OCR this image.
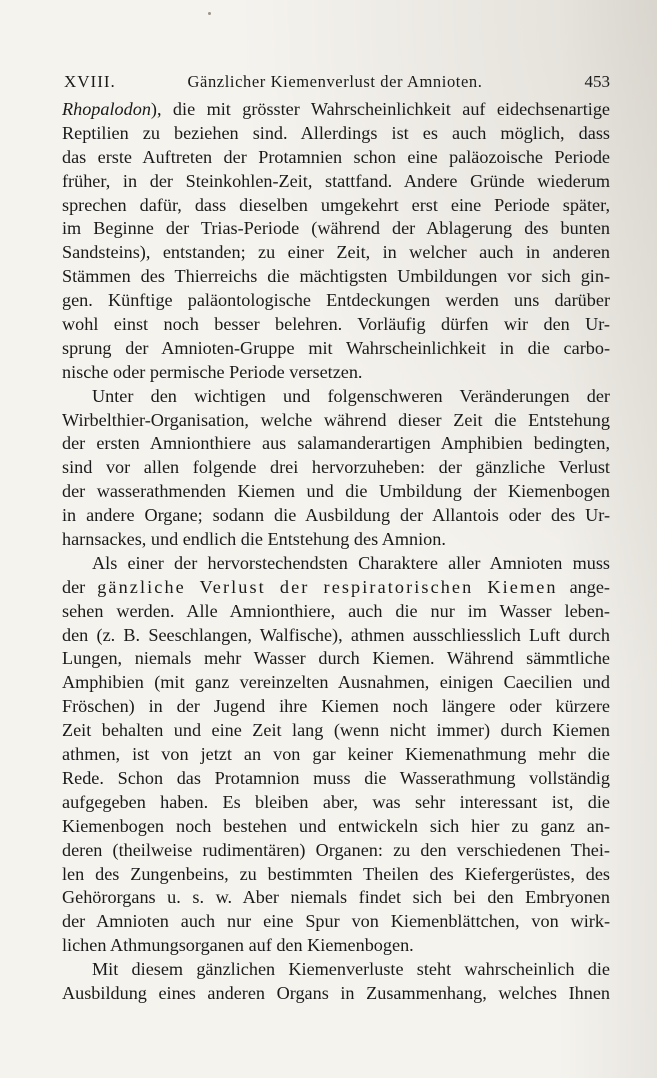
XVIII.	Gänzlicher Kiemenverlust der Amnioten.	453
Rhopalodon), die mit grösster Wahrscheinlichkeit auf eidechsenartige
Reptilien zu beziehen sind. Allerdings ist es auch möglich, dass
das erste Auftreten der Protamnien schon eine paläozoische Periode
früher, in der Steinkohlen-Zeit, stattfand. Andere Gründe wiederum
sprechen dafür, dass dieselben umgekehrt erst eine Periode später,
im Beginne der Trias-Periode (während der Ablagerung des bunten
Sandsteins), entstanden; zu einer Zeit, in welcher auch in anderen
Stämmen des Thierreichs die mächtigsten Umbildungen vor sich gin-
gen. Künftige paläontologische Entdeckungen werden uns darüber
wohl einst noch besser belehren. Vorläufig dürfen wir den Ur-
sprung der Amnioten-Gruppe mit Wahrscheinlichkeit in die carbo-
nische oder permische Periode versetzen.
Unter den wichtigen und folgenschweren Veränderungen der
Wirbelthier-Organisation, welche während dieser Zeit die Entstehung
der ersten Amnionthiere aus salamanderartigen Amphibien bedingten,
sind vor allen folgende drei hervorzuheben: der gänzliche Verlust
der wasserathmenden Kiemen und die Umbildung der Kiemenbogen
in andere Organe; sodann die Ausbildung der Allantois oder des Ur-
harnsackes, und endlich die Entstehung des Amnion.
Als einer der hervorstechendsten Charaktere aller Amnioten muss
der gänzliche Verlust der respiratorischen Kiemen ange-
sehen werden. Alle Amnionthiere, auch die nur im Wasser leben-
den (z. B. Seeschlangen, Walfische), athmen ausschliesslich Luft durch
Lungen, niemals mehr Wasser durch Kiemen. Während sämmtliche
Amphibien (mit ganz vereinzelten Ausnahmen, einigen Caecilien und
Fröschen) in der Jugend ihre Kiemen noch längere oder kürzere
Zeit behalten und eine Zeit lang (wenn nicht immer) durch Kiemen
athmen, ist von jetzt an von gar keiner Kiemenathmung mehr die
Rede. Schon das Protamnion muss die Wasserathmung vollständig
aufgegeben haben. Es bleiben aber, was sehr interessant ist, die
Kiemenbogen noch bestehen und entwickeln sich hier zu ganz an-
deren (theilweise rudimentären) Organen: zu den verschiedenen Thei-
len des Zungenbeins, zu bestimmten Theilen des Kiefergerüstes, des
Gehörorgans u. s. w. Aber niemals findet sich bei den Embryonen
der Amnioten auch nur eine Spur von Kiemenblättchen, von wirk-
lichen Athmungsorganen auf den Kiemenbogen.
Mit diesem gänzlichen Kiemenverluste steht wahrscheinlich die
Ausbildung eines anderen Organs in Zusammenhang, welches Ihnen
